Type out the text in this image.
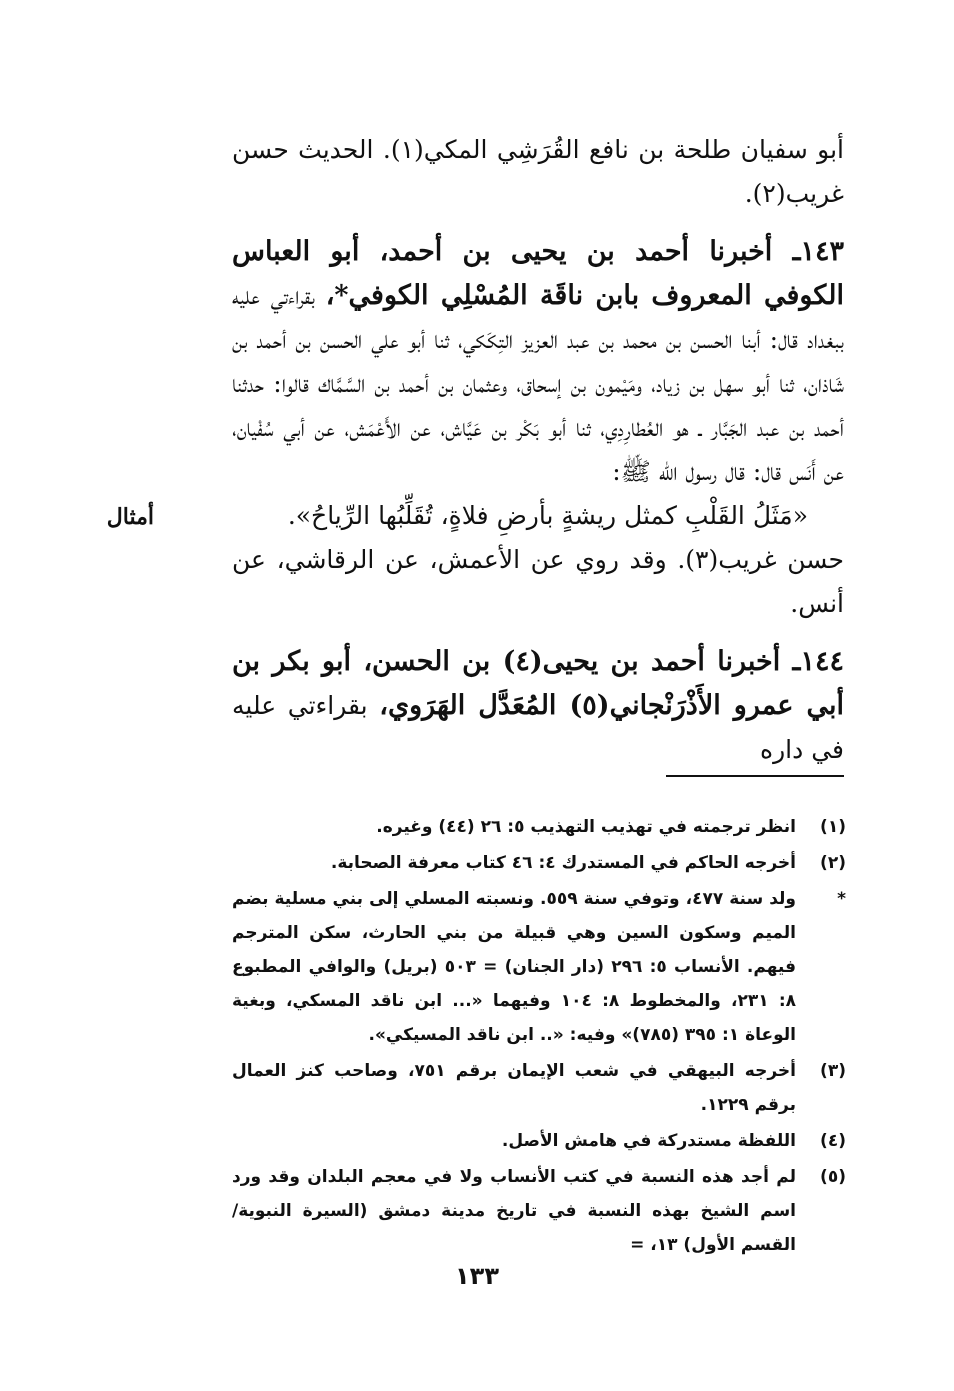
أبو سفيان طلحة بن نافع القُرَشِي المكي(١). الحديث حسن غريب(٢).

١٤٣ـ أخبرنا أحمد بن يحيى بن أحمد، أبو العباس الكوفي المعروف بابن ناقَة المُسْلِي الكوفي*، بقراءتي عليه ببغداد قال: أبنا الحسن بن محمد بن عبد العزيز التِكَكي، ثنا أبو علي الحسن بن أحمد بن شَاذان، ثنا أبو سهل بن زياد، ومَيْمون بن إسحاق، وعثمان بن أحمد بن السَّمَّاك قالوا: حدثنا أحمد بن عبد الجَبَّار ـ هو العُطارِدِي، ثنا أبو بَكْر بن عَيَّاش، عن الأَعْمَش، عن أبي سُفْيان، عن أَنَس قال: قال رسول الله ﷺ:

«مَثَلُ القَلْبِ كمثل ريشةٍ بأرضِ فلاةٍ، تُقَلِّبُها الرِّياحُ».

حسن غريب(٣). وقد روي عن الأعمش، عن الرقاشي، عن أنس.

١٤٤ـ أخبرنا أحمد بن يحيى(٤) بن الحسن، أبو بكر بن أبي عمرو الأَذْرَنْجاني(٥) المُعَدَّل الهَرَوي، بقراءتي عليه في داره

أمثال
(١)
انظر ترجمته في تهذيب التهذيب ٥: ٢٦ (٤٤) وغيره.
(٢)
أخرجه الحاكم في المستدرك ٤: ٤٦ كتاب معرفة الصحابة.
*
ولد سنة ٤٧٧، وتوفي سنة ٥٥٩. ونسبته المسلي إلى بني مسلية بضم الميم وسكون السين وهي قبيلة من بني الحارث، سكن المترجم فيهم. الأنساب ٥: ٢٩٦ (دار الجنان) = ٥٠٣ (بريل) والوافي المطبوع ٨: ٢٣١، والمخطوط ٨: ١٠٤ وفيهما «... ابن ناقد المسكي، وبغية الوعاة ١: ٣٩٥ (٧٨٥)» وفيه: «.. ابن ناقد المسيكي».
(٣)
أخرجه البيهقي في شعب الإيمان برقم ٧٥١، وصاحب كنز العمال برقم ١٢٢٩.
(٤)
اللفظة مستدركة في هامش الأصل.
(٥)
لم أجد هذه النسبة في كتب الأنساب ولا في معجم البلدان وقد ورد اسم الشيخ بهذه النسبة في تاريخ مدينة دمشق (السيرة النبوية/ القسم الأول) ١٣، =
١٣٣
